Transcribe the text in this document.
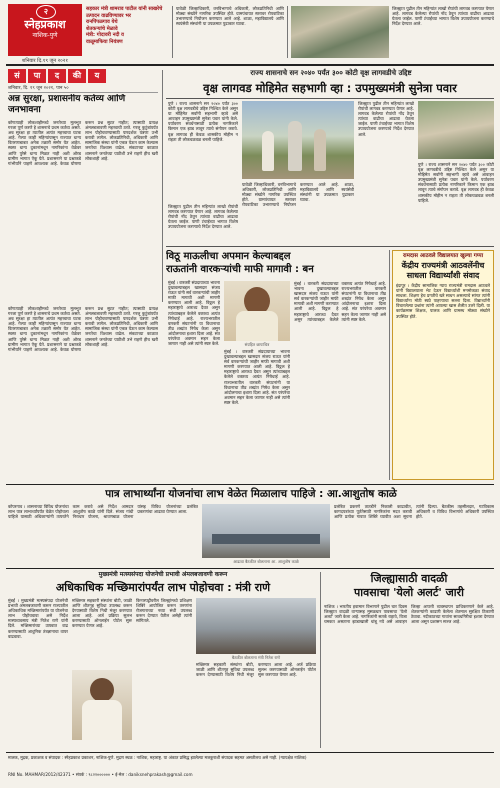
२
स्नेहप्रकाश
नाशिक-पुणे
शनिवार दि.१९ जून २०२१
सहकार मंत्री शामराव पाटील यांनी साखरेचे
उत्पादन वाढविण्यावर भर
रानपिंपळगाव येथे
शेतकऱ्यांचे मेळावे
मंत्री: गोदावरी नदी व
वाळूमाफिया नियंत्रण
यावेळी जिल्हाधिकारी, वनविभागाचे अधिकारी, लोकप्रतिनिधी आणि मोठ्या संख्येने नागरिक उपस्थित होते. ग्रामपंचायत स्तरावर रोपवाटिका उभारण्याचे नियोजन करण्यात आले आहे. शाळा, महाविद्यालये आणि स्वयंसेवी संस्थांनी या उपक्रमात पुढाकार घ्यावा.
जिल्ह्यात पुढील तीन महिन्यांत लाखो रोपांची लागवड करण्यात येणार आहे. लागवड केलेल्या रोपांची नोंद ठेवून त्यांच्या वाढीचा आढावा घेतला जाईल. पाणी टंचाईच्या भागात विशेष उपाययोजना करण्याचे निर्देश देण्यात आले.
सं	पा	द	की	य
शनिवार, दि. १९ जून २०२१, पान ५०
अन्न सुरक्षा, प्रशासनीय कर्तव्य आणि जनभावना
कोणत्याही लोकशाहीमध्ये जनतेच्या मूलभूत गरजा पूर्ण करणे हे शासनाचे प्रथम कर्तव्य असते. अन्न सुरक्षा हा त्यातील अत्यंत महत्त्वाचा घटक आहे. गेल्या काही महिन्यांपासून राज्यात धान्य वितरणाबाबत अनेक तक्रारी समोर येत आहेत. स्वस्त धान्य दुकानांमधून नागरिकांना वेळेवर आणि पुरेसे धान्य मिळत नाही अशी ओरड ग्रामीण भागात ऐकू येते. प्रशासनाने या प्रश्नाकडे गांभीर्याने पाहणे आवश्यक आहे. केवळ घोषणा करून प्रश्न सुटत नाहीत; त्यासाठी प्रत्यक्ष अंमलबजावणी महत्त्वाची ठरते. गरजू कुटुंबांपर्यंत लाभ पोहोचवण्यासाठी पारदर्शक यंत्रणा उभी करावी लागेल. लोकप्रतिनिधी, अधिकारी आणि सामाजिक संस्था यांनी एकत्र येऊन काम केल्यास जनतेचा विश्वास वाढेल. संकटाच्या काळात शासनाने जनतेच्या पाठीशी उभे राहणे हीच खरी लोकशाही आहे.
राज्य शासनाचे सन २०४० पर्यंत ३०० कोटी वृक्ष लागवडीचे उद्दिष्ट
वृक्ष लागवड मोहिमेत सहभागी व्हा : उपमुख्यमंत्री सुनेत्रा पवार
पुणे । राज्य शासनाने सन २०४० पर्यंत ३०० कोटी वृक्ष लागवडीचे उद्दिष्ट निश्चित केले असून या मोहिमेत सर्वांनी सहभागी व्हावे असे आवाहन उपमुख्यमंत्री सुनेत्रा पवार यांनी केले. पर्यावरण संवर्धनासाठी प्रत्येक नागरिकाने किमान एक झाड लावून त्याचे संगोपन करावे. वृक्ष लागवड ही केवळ शासकीय मोहीम न राहता ती लोकचळवळ बनली पाहिजे.
यावेळी जिल्हाधिकारी, वनविभागाचे अधिकारी, लोकप्रतिनिधी आणि मोठ्या संख्येने नागरिक उपस्थित होते. ग्रामपंचायत स्तरावर रोपवाटिका उभारण्याचे नियोजन करण्यात आले आहे. शाळा, महाविद्यालये आणि स्वयंसेवी संस्थांनी या उपक्रमात पुढाकार घ्यावा.
जिल्ह्यात पुढील तीन महिन्यांत लाखो रोपांची लागवड करण्यात येणार आहे. लागवड केलेल्या रोपांची नोंद ठेवून त्यांच्या वाढीचा आढावा घेतला जाईल. पाणी टंचाईच्या भागात विशेष उपाययोजना करण्याचे निर्देश देण्यात आले.
पुणे । राज्य शासनाने सन २०४० पर्यंत ३०० कोटी वृक्ष लागवडीचे उद्दिष्ट निश्चित केले असून या मोहिमेत सर्वांनी सहभागी व्हावे असे आवाहन उपमुख्यमंत्री सुनेत्रा पवार यांनी केले. पर्यावरण संवर्धनासाठी प्रत्येक नागरिकाने किमान एक झाड लावून त्याचे संगोपन करावे. वृक्ष लागवड ही केवळ शासकीय मोहीम न राहता ती लोकचळवळ बनली पाहिजे.
जिल्ह्यात पुढील तीन महिन्यांत लाखो रोपांची लागवड करण्यात येणार आहे. लागवड केलेल्या रोपांची नोंद ठेवून त्यांच्या वाढीचा आढावा घेतला जाईल. पाणी टंचाईच्या भागात विशेष उपाययोजना करण्याचे निर्देश देण्यात आले.
विठू माऊलीचा अपमान केल्याबद्दल
राऊतांनी वारकऱ्यांची माफी मागावी : बन
मुंबई । वारकरी संप्रदायाच्या भावना दुखावल्याबद्दल खासदार संजय राऊत यांनी सर्व वारकऱ्यांची जाहीर माफी मागावी अशी मागणी करण्यात आली आहे. विठ्ठल हे महाराष्ट्राचे आराध्य दैवत असून त्यांच्याबद्दल केलेले वक्तव्य अत्यंत निषेधार्ह आहे. राज्यभरातील वारकरी संघटनांनी या विधानाचा तीव्र शब्दांत निषेध केला असून आंदोलनाचा इशारा दिला आहे. संत परंपरेचा अवमान सहन केला जाणार नाही असे त्यांनी स्पष्ट केले.	संग्रहित छायाचित्र
मुंबई । वारकरी संप्रदायाच्या भावना दुखावल्याबद्दल खासदार संजय राऊत यांनी सर्व वारकऱ्यांची जाहीर माफी मागावी अशी मागणी करण्यात आली आहे. विठ्ठल हे महाराष्ट्राचे आराध्य दैवत असून त्यांच्याबद्दल केलेले वक्तव्य अत्यंत निषेधार्ह आहे. राज्यभरातील वारकरी संघटनांनी या विधानाचा तीव्र शब्दांत निषेध केला असून आंदोलनाचा इशारा दिला आहे. संत परंपरेचा अवमान सहन केला जाणार नाही असे त्यांनी स्पष्ट केले.
मुंबई । वारकरी संप्रदायाच्या भावना दुखावल्याबद्दल खासदार संजय राऊत यांनी सर्व वारकऱ्यांची जाहीर माफी मागावी अशी मागणी करण्यात आली आहे. विठ्ठल हे महाराष्ट्राचे आराध्य दैवत असून त्यांच्याबद्दल केलेले वक्तव्य अत्यंत निषेधार्ह आहे. राज्यभरातील वारकरी संघटनांनी या विधानाचा तीव्र शब्दांत निषेध केला असून आंदोलनाचा इशारा दिला आहे. संत परंपरेचा अवमान सहन केला जाणार नाही असे त्यांनी स्पष्ट केले.
रामदास आठवले विद्यालयात खुल्या गप्पा
केंद्रीय राज्यमंत्री आठवलेंनीच साधला विद्यार्थ्यांशी संवाद
इंदापूर । केंद्रीय सामाजिक न्याय राज्यमंत्री रामदास आठवले यांनी विद्यालयाला भेट देऊन विद्यार्थ्यांशी मनमोकळा संवाद साधला. शिक्षण हेच प्रगतीचे खरे साधन असल्याचे सांगत त्यांनी विद्यार्थ्यांना मोठी स्वप्ने पाहण्याचा सल्ला दिला. विद्यार्थ्यांनी विचारलेल्या प्रश्नांना त्यांनी आपल्या खास शैलीत उत्तरे दिली. या कार्यक्रमास शिक्षक, पालक आणि ग्रामस्थ मोठ्या संख्येने उपस्थित होते.
कोणत्याही लोकशाहीमध्ये जनतेच्या मूलभूत गरजा पूर्ण करणे हे शासनाचे प्रथम कर्तव्य असते. अन्न सुरक्षा हा त्यातील अत्यंत महत्त्वाचा घटक आहे. गेल्या काही महिन्यांपासून राज्यात धान्य वितरणाबाबत अनेक तक्रारी समोर येत आहेत. स्वस्त धान्य दुकानांमधून नागरिकांना वेळेवर आणि पुरेसे धान्य मिळत नाही अशी ओरड ग्रामीण भागात ऐकू येते. प्रशासनाने या प्रश्नाकडे गांभीर्याने पाहणे आवश्यक आहे. केवळ घोषणा करून प्रश्न सुटत नाहीत; त्यासाठी प्रत्यक्ष अंमलबजावणी महत्त्वाची ठरते. गरजू कुटुंबांपर्यंत लाभ पोहोचवण्यासाठी पारदर्शक यंत्रणा उभी करावी लागेल. लोकप्रतिनिधी, अधिकारी आणि सामाजिक संस्था यांनी एकत्र येऊन काम केल्यास जनतेचा विश्वास वाढेल. संकटाच्या काळात शासनाने जनतेच्या पाठीशी उभे राहणे हीच खरी लोकशाही आहे.
पात्र लाभार्थ्यांना योजनांचा लाभ वेळेत मिळालाच पाहिजे : आ.आशुतोष काळे
कोपरगाव । शासनाच्या विविध योजनांचा लाभ पात्र लाभार्थ्यांपर्यंत वेळेत पोहोचला पाहिजे यासाठी अधिकाऱ्यांनी तत्परतेने काम करावे असे निर्देश आमदार आशुतोष काळे यांनी दिले. संजय गांधी निराधार योजना, श्रावणबाळ योजना यांसह विविध योजनांच्या प्रलंबित प्रकरणांचा आढावा घेण्यात आला.
आढावा बैठकीत बोलताना आ. आशुतोष काळे
प्रलंबित प्रकरणे तातडीने निकाली काढावीत, कागदपत्रांच्या पूर्ततेसाठी नागरिकांना मदत करावी आणि प्रत्येक गावात शिबिरे घ्यावीत अशा सूचना त्यांनी दिल्या. बैठकीस तहसीलदार, गटविकास अधिकारी व विविध विभागांचे अधिकारी उपस्थित होते.
मुख्यमंत्री मत्स्यसंपदा योजनेची प्रभावी अंमलबजावणी करून
अधिकाधिक मच्छिमारांपर्यंत लाभ पोहोचवा : मंत्री राणे
मुंबई । मुख्यमंत्री मत्स्यसंपदा योजनेची प्रभावी अंमलबजावणी करून राज्यातील अधिकाधिक मच्छिमारांपर्यंत या योजनेचा लाभ पोहोचवावा असे निर्देश मत्स्यव्यवसाय मंत्री नितेश राणे यांनी दिले. मच्छिमारांच्या उत्पन्नात वाढ करण्यासाठी आधुनिक तंत्रज्ञानाचा वापर वाढवावा.
मच्छिमार सहकारी संस्थांना बोटी, जाळी आणि शीतगृह सुविधा उपलब्ध करून देण्यासाठी विशेष निधी मंजूर करण्यात आला आहे. अर्ज प्रक्रिया सुलभ करण्यासाठी ऑनलाईन पोर्टल सुरू करण्यात येणार आहे.
किनारपट्टीवरील जिल्ह्यांमध्ये प्रशिक्षण शिबिरे आयोजित करून तरुणांना रोजगाराच्या नव्या संधी उपलब्ध करून देण्यात येतील असेही त्यांनी सांगितले.
बैठकीत बोलताना मंत्री नितेश राणे
मच्छिमार सहकारी संस्थांना बोटी, जाळी आणि शीतगृह सुविधा उपलब्ध करून देण्यासाठी विशेष निधी मंजूर करण्यात आला आहे. अर्ज प्रक्रिया सुलभ करण्यासाठी ऑनलाईन पोर्टल सुरू करण्यात येणार आहे.
जिल्ह्यासाठी वादळी
पावसाचा 'येलो अलर्ट' जारी
नाशिक । भारतीय हवामान विभागाने पुढील चार दिवस जिल्ह्यात वादळी वाऱ्यासह मुसळधार पावसाचा 'येलो अलर्ट' जारी केला आहे. नागरिकांनी सतर्क राहावे, विजा चमकत असताना झाडाखाली थांबू नये असे आवाहन जिल्हा आपत्ती व्यवस्थापन प्राधिकरणाने केले आहे. शेतकऱ्यांनी काढणी केलेला शेतमाल सुरक्षित ठिकाणी ठेवावा. नदीकाठच्या गावांना सावधगिरीचा इशारा देण्यात आला असून प्रशासन सज्ज आहे.
मालक, मुद्रक, प्रकाशक व संपादक : स्नेहप्रकाश प्रकाशन, नाशिक-पुणे. मुद्रण स्थळ : नाशिक, महाराष्ट्र. या अंकात प्रसिद्ध झालेल्या मजकुराशी संपादक सहमत असतीलच असे नाही. (न्यायक्षेत्र नाशिक)
RNI No. MAHMAR/2012/42371 • संपर्क : ९८२२०००००० • ई-मेल : daniksnehprakash@gmail.com
